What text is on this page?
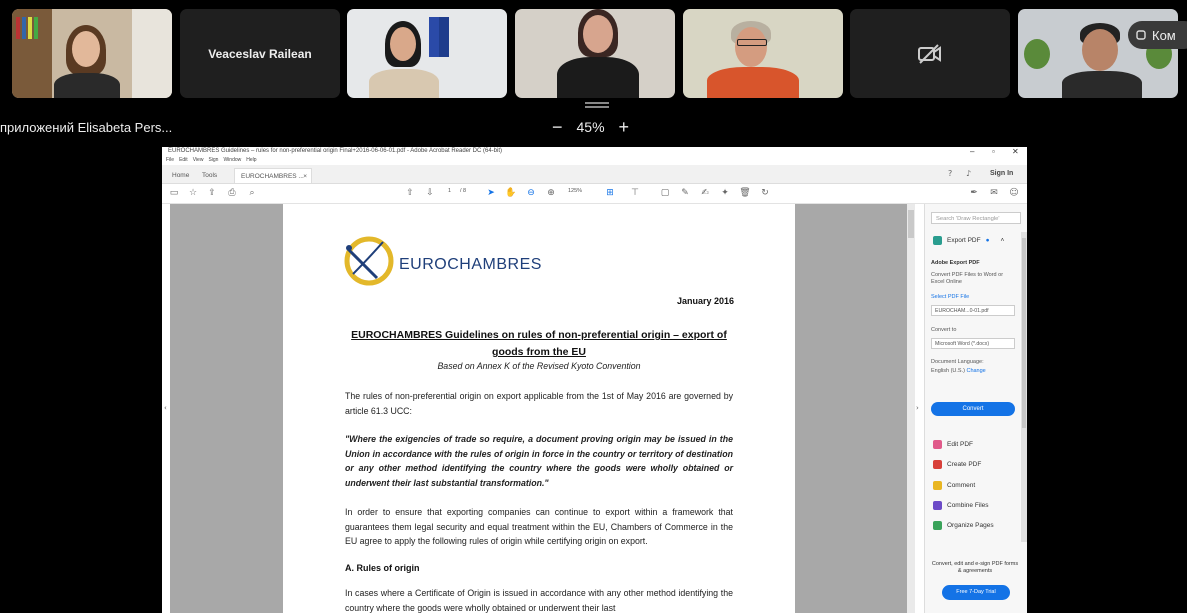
Veaceslav Railean
Ком
приложений Elisabeta Pers...	− 45% +
EUROCHAMBRES Guidelines – rules for non-preferential origin Final+2016-06-06-01.pdf - Adobe Acrobat Reader DC (64-bit)	– ▫ ✕
File Edit View Sign Window Help
Home	Tools	EUROCHAMBRES ... ×	? ♪	Sign In
▭ ☆ ⇪ ⎙	⌕	⇧ ⇩	1 / 8 ➤ ✋ ⊖ ⊕	125%	⊞ ⊤ ▢ ✎ ✍ ✦ 🗑 ↻	✒ ✉ ☺
EUROCHAMBRES
January 2016
EUROCHAMBRES Guidelines on rules of non-preferential origin – export of
goods from the EU
Based on Annex K of the Revised Kyoto Convention
The rules of non-preferential origin on export applicable from the 1st of May 2016 are governed by article 61.3 UCC:
"Where the exigencies of trade so require, a document proving origin may be issued in the Union in accordance with the rules of origin in force in the country or territory of destination or any other method identifying the country where the goods were wholly obtained or underwent their last substantial transformation."
In order to ensure that exporting companies can continue to export within a framework that guarantees them legal security and equal treatment within the EU, Chambers of Commerce in the EU agree to apply the following rules of origin while certifying origin on export.
A. Rules of origin
In cases where a Certificate of Origin is issued in accordance with any other method identifying the country where the goods were wholly obtained or underwent their last
‹	›
Search 'Draw Rectangle'
Export PDF ● ˄
Adobe Export PDF
Convert PDF Files to Word or Excel Online
Select PDF File
EUROCHAM...0-01.pdf
Convert to
Microsoft Word (*.docx)
Document Language:
English (U.S.) Change
Convert
Edit PDF
Create PDF
Comment
Combine Files
Organize Pages
Convert, edit and e-sign PDF forms & agreements
Free 7-Day Trial
